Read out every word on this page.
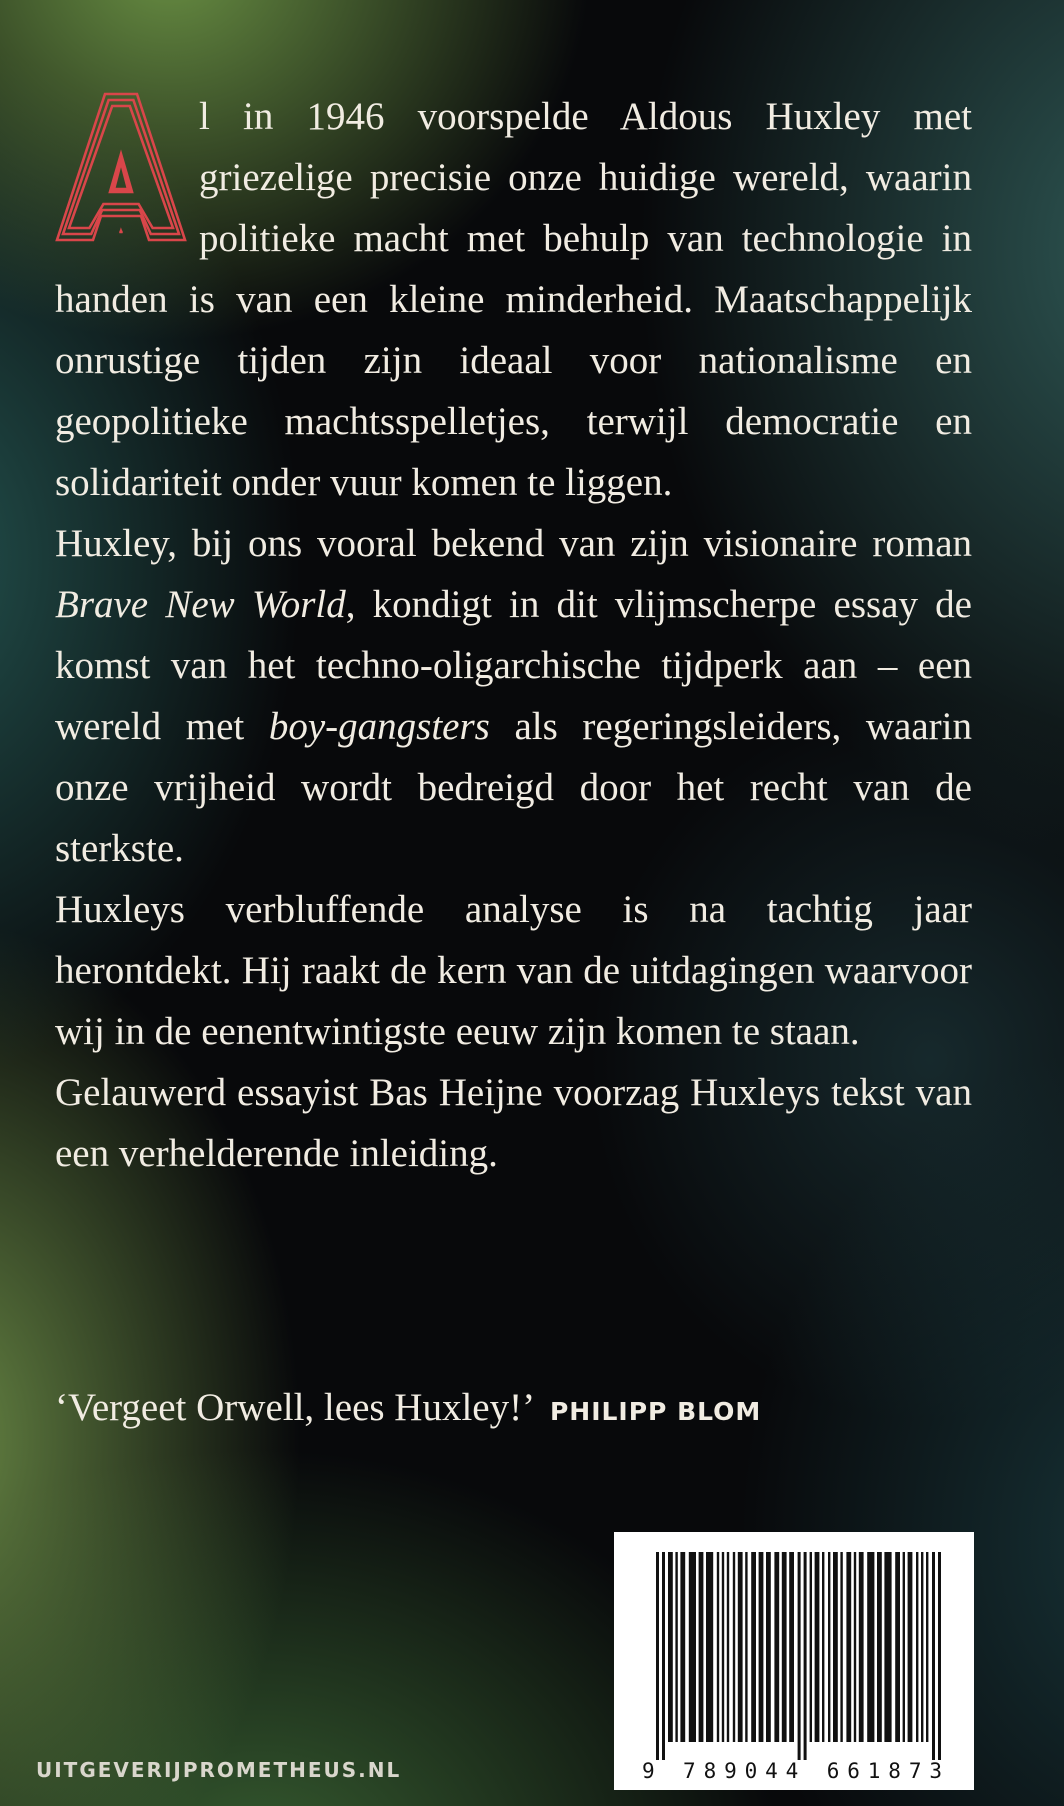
A
l in 1946 voorspelde Aldous Huxley met griezelige precisie onze huidige wereld, waarin politieke macht met behulp van technologie in handen is van een kleine minderheid. Maatschappelijk onrustige tijden zijn ideaal voor nationalisme en geopolitieke machtsspelletjes, terwijl democratie en solidariteit onder vuur komen te liggen.

Huxley, bij ons vooral bekend van zijn visionaire roman Brave New World, kondigt in dit vlijmscherpe essay de komst van het techno-oligarchische tijdperk aan – een wereld met boy-gangsters als regeringsleiders, waarin onze vrijheid wordt bedreigd door het recht van de sterkste.

Huxleys verbluffende analyse is na tachtig jaar herontdekt. Hij raakt de kern van de uitdagingen waarvoor wij in de eenentwintigste eeuw zijn komen te staan.

Gelauwerd essayist Bas Heijne voorzag Huxleys tekst van een verhelderende inleiding.

‘Vergeet Orwell, lees Huxley!’ PHILIPP BLOM
9 789044 661873
UITGEVERIJPROMETHEUS.NL
